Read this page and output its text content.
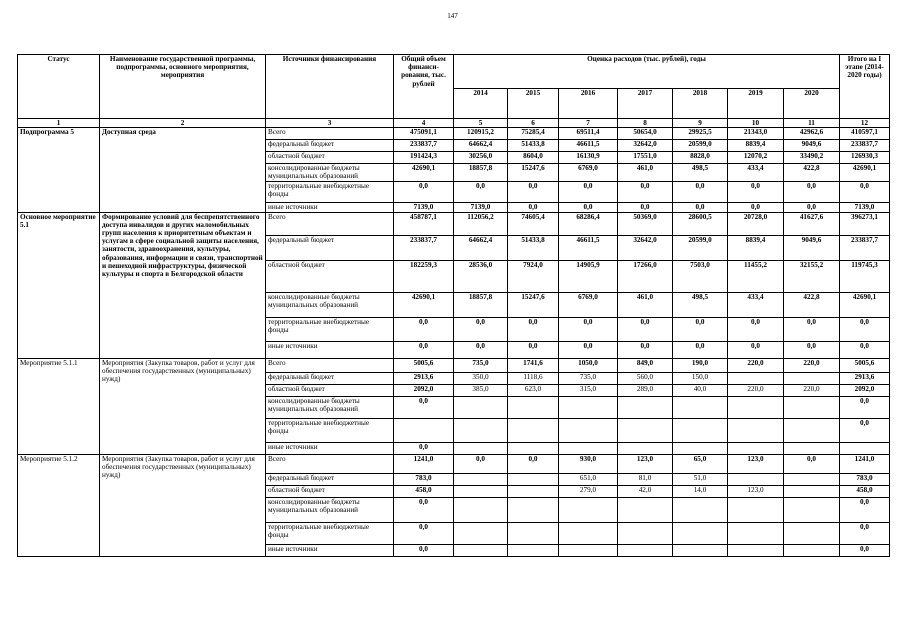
147
Статус	Наименование государственной программы, подпрограммы, основного мероприятия, мероприятия	Источники финансирования	Общий объем финанси-рования, тыс. рублей	Оценка расходов (тыс. рублей), годы							Итого на I этапе (2014-2020 годы)
				2014	2015	2016	2017	2018	2019	2020	
1	2	3	4	5	6	7	8	9	10	11	12
Подпрограмма 5	Доступная среда	Всего	475091,1	120915,2	75285,4	69511,4	50654,0	29925,5	21343,0	42962,6	410597,1
		федеральный бюджет	233837,7	64662,4	51433,8	46611,5	32642,0	20599,0	8839,4	9049,6	233837,7
		областной бюджет	191424,3	30256,0	8604,0	16130,9	17551,0	8828,0	12070,2	33490,2	126930,3
		консолидированные бюджеты муниципальных образований	42690,1	18857,8	15247,6	6769,0	461,0	498,5	433,4	422,8	42690,1
		территориальные внебюджетные фонды	0,0	0,0	0,0	0,0	0,0	0,0	0,0	0,0	0,0
		иные источники	7139,0	7139,0	0,0	0,0	0,0	0,0	0,0	0,0	7139,0
Основное мероприятие 5.1	Формирование условий для беспрепятственного доступа инвалидов и других маломобильных групп населения к приоритетным объектам и услугам в сфере социальной защиты населения, занятости, здравоохранения, культуры, образования, информации и связи, транспортной и пешеходной инфраструктуры, физической культуры и спорта в Белгородской области	Всего	458787,1	112056,2	74605,4	68286,4	50369,0	28600,5	20728,0	41627,6	396273,1
		федеральный бюджет	233837,7	64662,4	51433,8	46611,5	32642,0	20599,0	8839,4	9049,6	233837,7
		областной бюджет	182259,3	28536,0	7924,0	14905,9	17266,0	7503,0	11455,2	32155,2	119745,3
		консолидированные бюджеты муниципальных образований	42690,1	18857,8	15247,6	6769,0	461,0	498,5	433,4	422,8	42690,1
		территориальные внебюджетные фонды	0,0	0,0	0,0	0,0	0,0	0,0	0,0	0,0	0,0
		иные источники	0,0	0,0	0,0	0,0	0,0	0,0	0,0	0,0	0,0
Мероприятие 5.1.1	Мероприятия (Закупка товаров, работ и услуг для обеспечения государственных (муниципальных) нужд)	Всего	5005,6	735,0	1741,6	1050,0	849,0	190,0	220,0	220,0	5005,6
		федеральный бюджет	2913,6	350,0	1118,6	735,0	560,0	150,0			2913,6
		областной бюджет	2092,0	385,0	623,0	315,0	289,0	40,0	220,0	220,0	2092,0
		консолидированные бюджеты муниципальных образований	0,0								0,0
		территориальные внебюджетные фонды									0,0
		иные источники	0,0								
Мероприятие 5.1.2	Мероприятия (Закупка товаров, работ и услуг для обеспечения государственных (муниципальных) нужд)	Всего	1241,0	0,0	0,0	930,0	123,0	65,0	123,0	0,0	1241,0
		федеральный бюджет	783,0			651,0	81,0	51,0			783,0
		областной бюджет	458,0			279,0	42,0	14,0	123,0		458,0
		консолидированные бюджеты муниципальных образований	0,0								0,0
		территориальные внебюджетные фонды	0,0								0,0
		иные источники	0,0								0,0
